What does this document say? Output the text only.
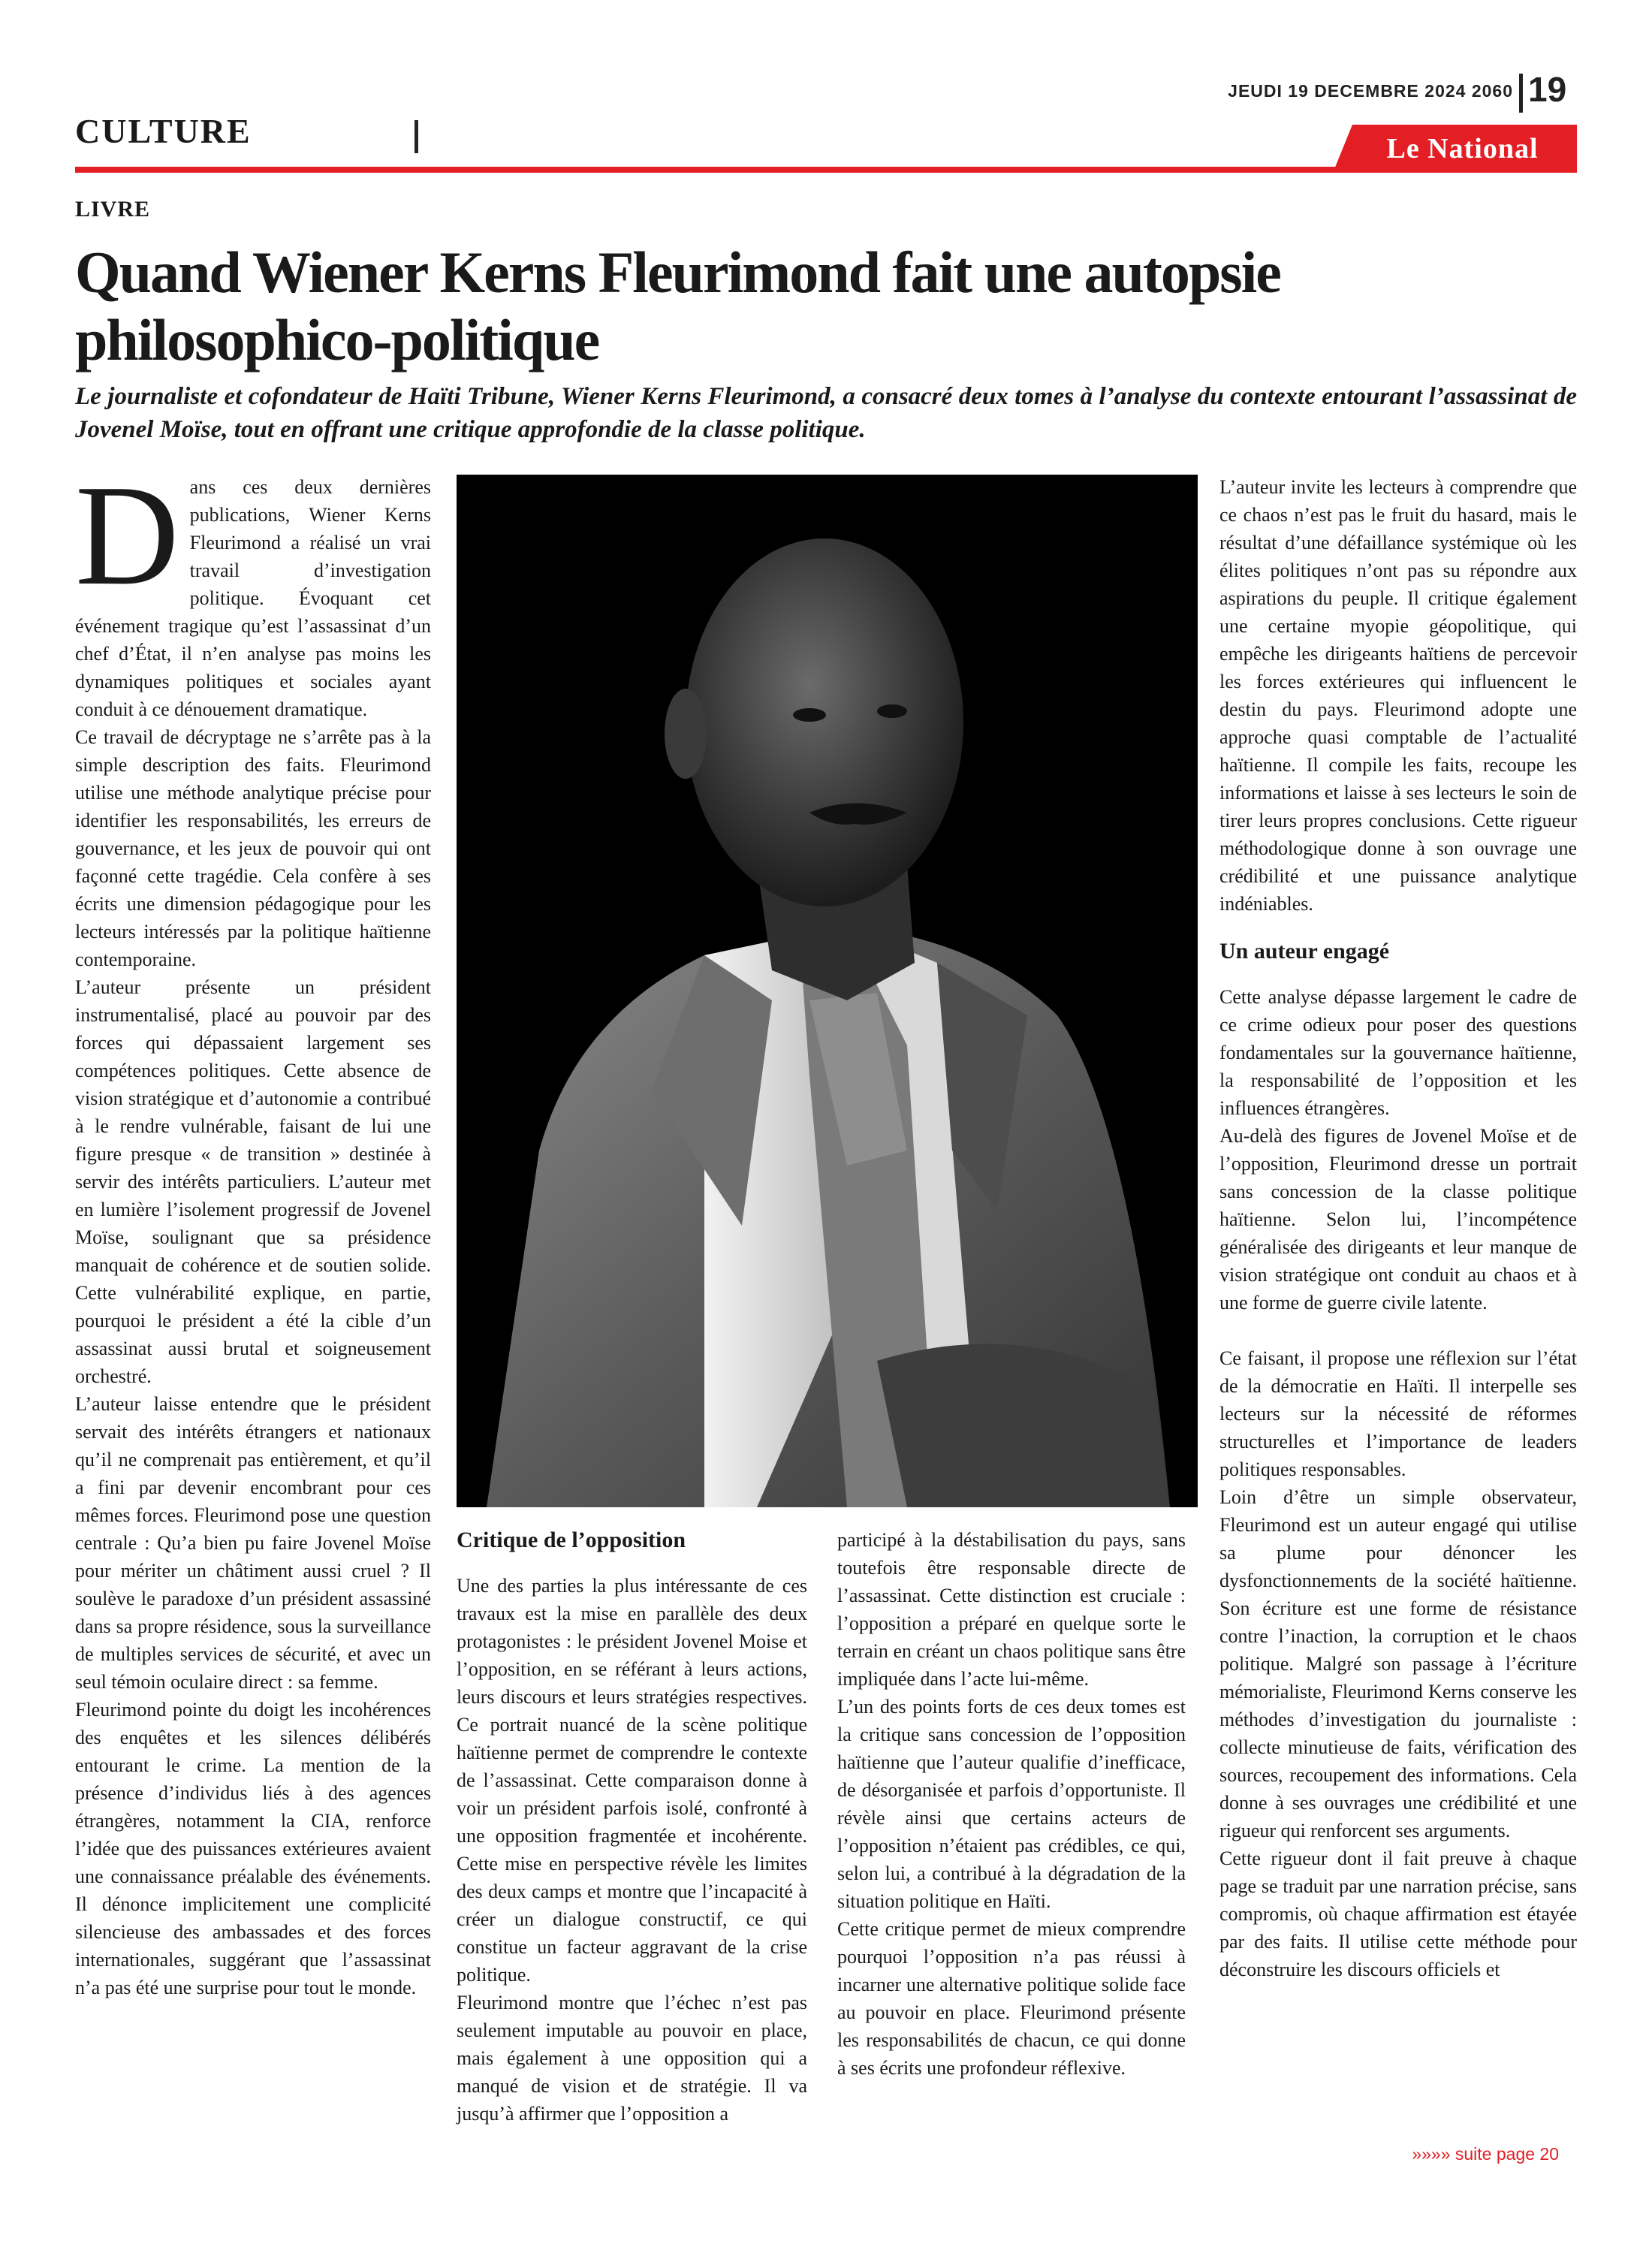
JEUDI 19 DECEMBRE 2024 2060 19
CULTURE	Le National
LIVRE
Quand Wiener Kerns Fleurimond fait une autopsie philosophico-politique

Le journaliste et cofondateur de Haïti Tribune, Wiener Kerns Fleurimond, a consacré deux tomes à l’analyse du contexte entourant l’assassinat de Jovenel Moïse, tout en offrant une critique approfondie de la classe politique.

D ans ces deux dernières publications, Wiener Kerns Fleurimond a réalisé un vrai travail d’investigation politique. Évoquant cet événement tragique qu’est l’assassinat d’un chef d’État, il n’en analyse pas moins les dynamiques politiques et sociales ayant conduit à ce dénouement dramatique.

Ce travail de décryptage ne s’arrête pas à la simple description des faits. Fleurimond utilise une méthode analytique précise pour identifier les responsabilités, les erreurs de gouvernance, et les jeux de pouvoir qui ont façonné cette tragédie. Cela confère à ses écrits une dimension pédagogique pour les lecteurs intéressés par la politique haïtienne contemporaine.

L’auteur présente un président instrumentalisé, placé au pouvoir par des forces qui dépassaient largement ses compétences politiques. Cette absence de vision stratégique et d’autonomie a contribué à le rendre vulnérable, faisant de lui une figure presque « de transition » destinée à servir des intérêts particuliers. L’auteur met en lumière l’isolement progressif de Jovenel Moïse, soulignant que sa présidence manquait de cohérence et de soutien solide. Cette vulnérabilité explique, en partie, pourquoi le président a été la cible d’un assassinat aussi brutal et soigneusement orchestré.

L’auteur laisse entendre que le président servait des intérêts étrangers et nationaux qu’il ne comprenait pas entièrement, et qu’il a fini par devenir encombrant pour ces mêmes forces. Fleurimond pose une question centrale : Qu’a bien pu faire Jovenel Moïse pour mériter un châtiment aussi cruel ? Il soulève le paradoxe d’un président assassiné dans sa propre résidence, sous la surveillance de multiples services de sécurité, et avec un seul témoin oculaire direct : sa femme.

Fleurimond pointe du doigt les incohérences des enquêtes et les silences délibérés entourant le crime. La mention de la présence d’individus liés à des agences étrangères, notamment la CIA, renforce l’idée que des puissances extérieures avaient une connaissance préalable des événements. Il dénonce implicitement une complicité silencieuse des ambassades et des forces internationales, suggérant que l’assassinat n’a pas été une surprise pour tout le monde.

Critique de l’opposition

Une des parties la plus intéressante de ces travaux est la mise en parallèle des deux protagonistes : le président Jovenel Moise et l’opposition, en se référant à leurs actions, leurs discours et leurs stratégies respectives. Ce portrait nuancé de la scène politique haïtienne permet de comprendre le contexte de l’assassinat. Cette comparaison donne à voir un président parfois isolé, confronté à une opposition fragmentée et incohérente. Cette mise en perspective révèle les limites des deux camps et montre que l’incapacité à créer un dialogue constructif, ce qui constitue un facteur aggravant de la crise politique.

Fleurimond montre que l’échec n’est pas seulement imputable au pouvoir en place, mais également à une opposition qui a manqué de vision et de stratégie. Il va jusqu’à affirmer que l’opposition a

participé à la déstabilisation du pays, sans toutefois être responsable directe de l’assassinat. Cette distinction est cruciale : l’opposition a préparé en quelque sorte le terrain en créant un chaos politique sans être impliquée dans l’acte lui-même.

L’un des points forts de ces deux tomes est la critique sans concession de l’opposition haïtienne que l’auteur qualifie d’inefficace, de désorganisée et parfois d’opportuniste. Il révèle ainsi que certains acteurs de l’opposition n’étaient pas crédibles, ce qui, selon lui, a contribué à la dégradation de la situation politique en Haïti.

Cette critique permet de mieux comprendre pourquoi l’opposition n’a pas réussi à incarner une alternative politique solide face au pouvoir en place. Fleurimond présente les responsabilités de chacun, ce qui donne à ses écrits une profondeur réflexive.

L’auteur invite les lecteurs à comprendre que ce chaos n’est pas le fruit du hasard, mais le résultat d’une défaillance systémique où les élites politiques n’ont pas su répondre aux aspirations du peuple. Il critique également une certaine myopie géopolitique, qui empêche les dirigeants haïtiens de percevoir les forces extérieures qui influencent le destin du pays. Fleurimond adopte une approche quasi comptable de l’actualité haïtienne. Il compile les faits, recoupe les informations et laisse à ses lecteurs le soin de tirer leurs propres conclusions. Cette rigueur méthodologique donne à son ouvrage une crédibilité et une puissance analytique indéniables.

Un auteur engagé

Cette analyse dépasse largement le cadre de ce crime odieux pour poser des questions fondamentales sur la gouvernance haïtienne, la responsabilité de l’opposition et les influences étrangères.

Au-delà des figures de Jovenel Moïse et de l’opposition, Fleurimond dresse un portrait sans concession de la classe politique haïtienne. Selon lui, l’incompétence généralisée des dirigeants et leur manque de vision stratégique ont conduit au chaos et à une forme de guerre civile latente.

Ce faisant, il propose une réflexion sur l’état de la démocratie en Haïti. Il interpelle ses lecteurs sur la nécessité de réformes structurelles et l’importance de leaders politiques responsables.

Loin d’être un simple observateur, Fleurimond est un auteur engagé qui utilise sa plume pour dénoncer les dysfonctionnements de la société haïtienne. Son écriture est une forme de résistance contre l’inaction, la corruption et le chaos politique. Malgré son passage à l’écriture mémorialiste, Fleurimond Kerns conserve les méthodes d’investigation du journaliste : collecte minutieuse de faits, vérification des sources, recoupement des informations. Cela donne à ses ouvrages une crédibilité et une rigueur qui renforcent ses arguments.

Cette rigueur dont il fait preuve à chaque page se traduit par une narration précise, sans compromis, où chaque affirmation est étayée par des faits. Il utilise cette méthode pour déconstruire les discours officiels et

»»»» suite page 20
